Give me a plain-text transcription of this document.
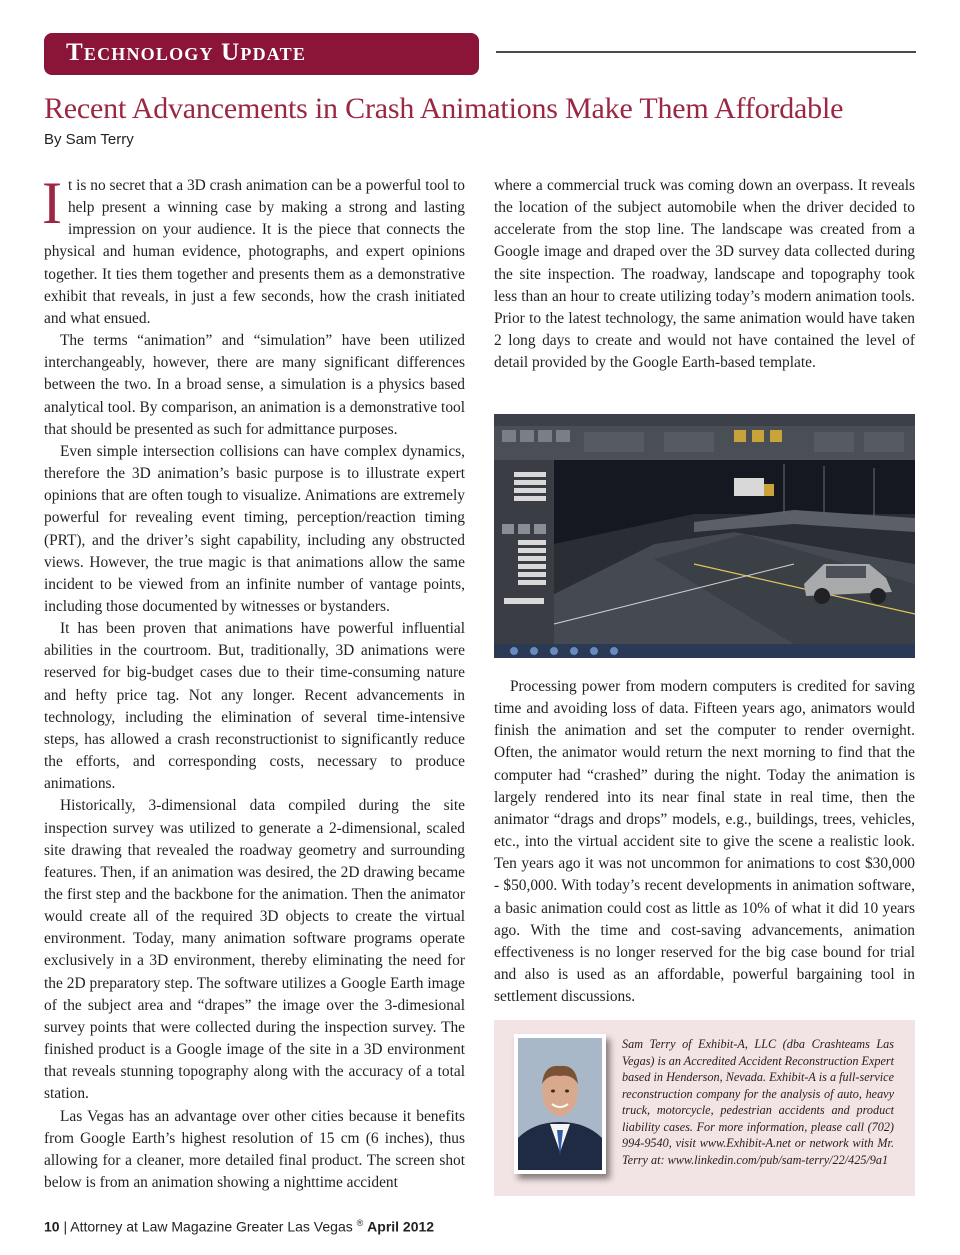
Technology Update
Recent Advancements in Crash Animations Make Them Affordable
By Sam Terry

It is no secret that a 3D crash animation can be a powerful tool to help present a winning case by making a strong and lasting impression on your audience. It is the piece that connects the physical and human evidence, photographs, and expert opinions together. It ties them together and presents them as a demonstrative exhibit that reveals, in just a few seconds, how the crash initiated and what ensued.

The terms “animation” and “simulation” have been utilized interchangeably, however, there are many significant differences between the two. In a broad sense, a simulation is a physics based analytical tool. By comparison, an animation is a demonstrative tool that should be presented as such for admittance purposes.

Even simple intersection collisions can have complex dynamics, therefore the 3D animation’s basic purpose is to illustrate expert opinions that are often tough to visualize. Animations are extremely powerful for revealing event timing, perception/reaction timing (PRT), and the driver’s sight capability, including any obstructed views. However, the true magic is that animations allow the same incident to be viewed from an infinite number of vantage points, including those documented by witnesses or bystanders.

It has been proven that animations have powerful influential abilities in the courtroom. But, traditionally, 3D animations were reserved for big-budget cases due to their time-consuming nature and hefty price tag. Not any longer. Recent advancements in technology, including the elimination of several time-intensive steps, has allowed a crash reconstructionist to significantly reduce the efforts, and corresponding costs, necessary to produce animations.

Historically, 3-dimensional data compiled during the site inspection survey was utilized to generate a 2-dimensional, scaled site drawing that revealed the roadway geometry and surrounding features. Then, if an animation was desired, the 2D drawing became the first step and the backbone for the animation. Then the animator would create all of the required 3D objects to create the virtual environment. Today, many animation software programs operate exclusively in a 3D environment, thereby eliminating the need for the 2D preparatory step. The software utilizes a Google Earth image of the subject area and “drapes” the image over the 3-dimesional survey points that were collected during the inspection survey. The finished product is a Google image of the site in a 3D environment that reveals stunning topography along with the accuracy of a total station.

Las Vegas has an advantage over other cities because it benefits from Google Earth’s highest resolution of 15 cm (6 inches), thus allowing for a cleaner, more detailed final product. The screen shot below is from an animation showing a nighttime accident

where a commercial truck was coming down an overpass. It reveals the location of the subject automobile when the driver decided to accelerate from the stop line. The landscape was created from a Google image and draped over the 3D survey data collected during the site inspection. The roadway, landscape and topography took less than an hour to create utilizing today’s modern animation tools. Prior to the latest technology, the same animation would have taken 2 long days to create and would not have contained the level of detail provided by the Google Earth-based template.

Processing power from modern computers is credited for saving time and avoiding loss of data. Fifteen years ago, animators would finish the animation and set the computer to render overnight. Often, the animator would return the next morning to find that the computer had “crashed” during the night. Today the animation is largely rendered into its near final state in real time, then the animator “drags and drops” models, e.g., buildings, trees, vehicles, etc., into the virtual accident site to give the scene a realistic look. Ten years ago it was not uncommon for animations to cost $30,000 - $50,000. With today’s recent developments in animation software, a basic animation could cost as little as 10% of what it did 10 years ago. With the time and cost-saving advancements, animation effectiveness is no longer reserved for the big case bound for trial and also is used as an affordable, powerful bargaining tool in settlement discussions.

Sam Terry of Exhibit-A, LLC (dba Crashteams Las Vegas) is an Accredited Accident Reconstruction Expert based in Henderson, Nevada. Exhibit-A is a full-service reconstruction company for the analysis of auto, heavy truck, motorcycle, pedestrian accidents and product liability cases. For more information, please call (702) 994-9540, visit www.Exhibit-A.net or network with Mr. Terry at: www.linkedin.com/pub/sam-terry/22/425/9a1
10 | Attorney at Law Magazine Greater Las Vegas ® April 2012
